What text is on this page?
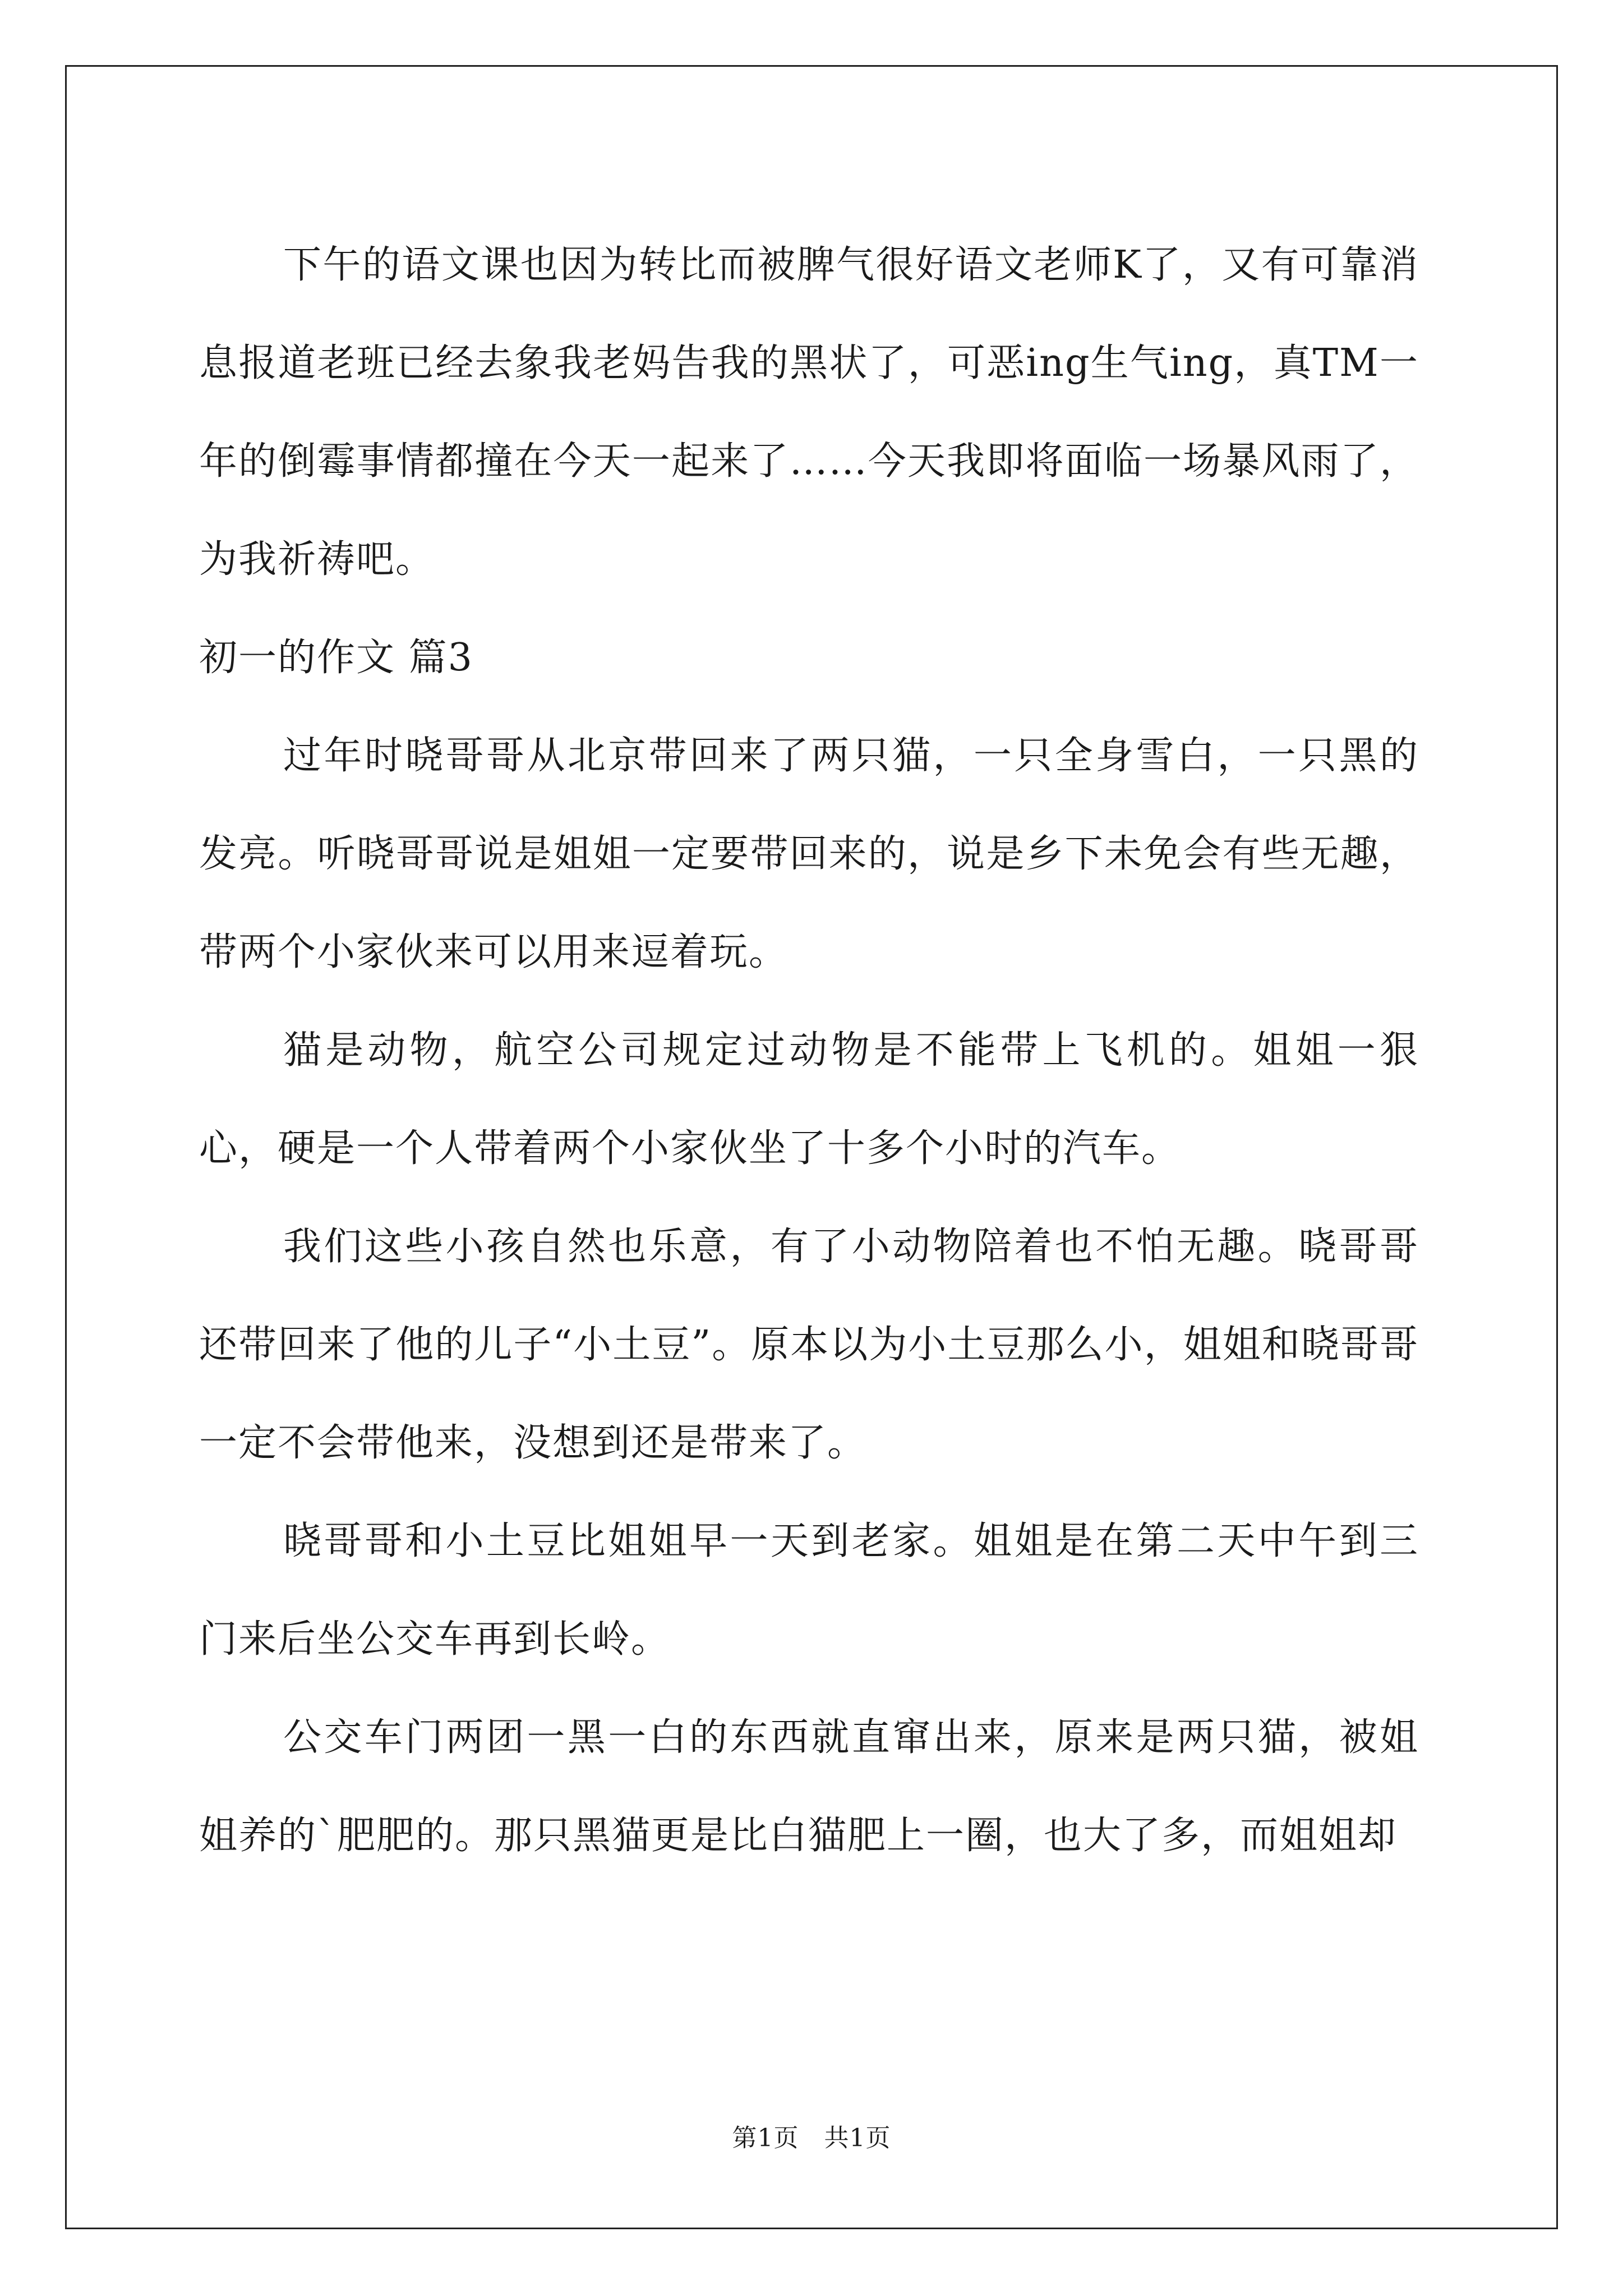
下午的语文课也因为转比而被脾气很好语文老师K了，又有可靠消息报道老班已经去象我老妈告我的黑状了，可恶ing生气ing，真TM一年的倒霉事情都撞在今天一起来了……今天我即将面临一场暴风雨了，为我祈祷吧。

初一的作文 篇3

过年时晓哥哥从北京带回来了两只猫，一只全身雪白，一只黑的发亮。听晓哥哥说是姐姐一定要带回来的，说是乡下未免会有些无趣，带两个小家伙来可以用来逗着玩。

猫是动物，航空公司规定过动物是不能带上飞机的。姐姐一狠心，硬是一个人带着两个小家伙坐了十多个小时的汽车。

我们这些小孩自然也乐意，有了小动物陪着也不怕无趣。晓哥哥还带回来了他的儿子“小土豆”。原本以为小土豆那么小，姐姐和晓哥哥一定不会带他来，没想到还是带来了。

晓哥哥和小土豆比姐姐早一天到老家。姐姐是在第二天中午到三门来后坐公交车再到长岭。

公交车门两团一黑一白的东西就直窜出来，原来是两只猫，被姐姐养的`肥肥的。那只黑猫更是比白猫肥上一圈，也大了多，而姐姐却

第1页　共1页
